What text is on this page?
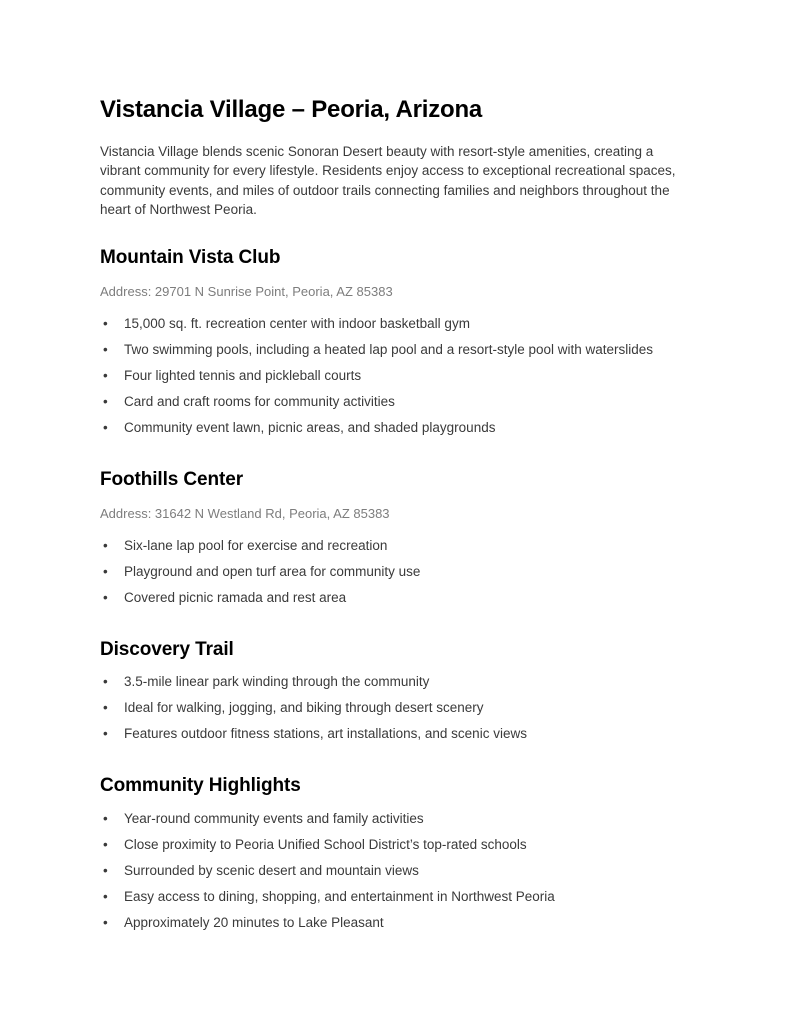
Vistancia Village – Peoria, Arizona

Vistancia Village blends scenic Sonoran Desert beauty with resort-style amenities, creating a vibrant community for every lifestyle. Residents enjoy access to exceptional recreational spaces, community events, and miles of outdoor trails connecting families and neighbors throughout the heart of Northwest Peoria.

Mountain Vista Club
Address: 29701 N Sunrise Point, Peoria, AZ 85383
•	15,000 sq. ft. recreation center with indoor basketball gym
•	Two swimming pools, including a heated lap pool and a resort-style pool with waterslides
•	Four lighted tennis and pickleball courts
•	Card and craft rooms for community activities
•	Community event lawn, picnic areas, and shaded playgrounds
Foothills Center
Address: 31642 N Westland Rd, Peoria, AZ 85383
•	Six-lane lap pool for exercise and recreation
•	Playground and open turf area for community use
•	Covered picnic ramada and rest area
Discovery Trail
•	3.5-mile linear park winding through the community
•	Ideal for walking, jogging, and biking through desert scenery
•	Features outdoor fitness stations, art installations, and scenic views
Community Highlights
•	Year-round community events and family activities
•	Close proximity to Peoria Unified School District’s top-rated schools
•	Surrounded by scenic desert and mountain views
•	Easy access to dining, shopping, and entertainment in Northwest Peoria
•	Approximately 20 minutes to Lake Pleasant
